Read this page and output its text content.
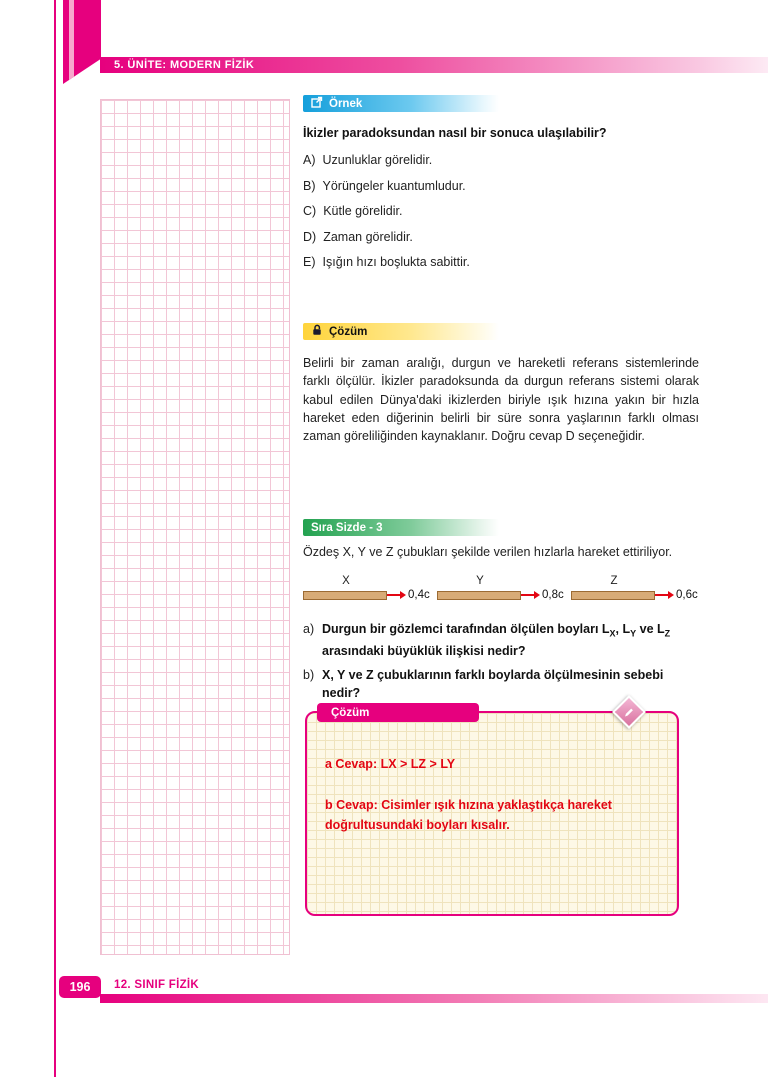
5. ÜNİTE: MODERN FİZİK
Örnek
İkizler paradoksundan nasıl bir sonuca ulaşılabilir?
A) Uzunluklar görelidir.
B) Yörüngeler kuantumludur.
C) Kütle görelidir.
D) Zaman görelidir.
E) Işığın hızı boşlukta sabittir.
Çözüm
Belirli bir zaman aralığı, durgun ve hareketli referans sistemlerinde farklı ölçülür. İkizler paradoksunda da durgun referans sistemi olarak kabul edilen Dünya'daki ikizlerden biriyle ışık hızına yakın bir hızla hareket eden diğerinin belirli bir süre sonra yaşlarının farklı olması zaman göreliliğinden kaynaklanır. Doğru cevap D seçeneğidir.
Sıra Sizde - 3
Özdeş X, Y ve Z çubukları şekilde verilen hızlarla hareket ettiriliyor.
X
0,4c
Y
0,8c
Z
0,6c
a) Durgun bir gözlemci tarafından ölçülen boyları $L_X$, $L_Y$ ve $L_Z$ arasındaki büyüklük ilişkisi nedir?
b) X, Y ve Z çubuklarının farklı boylarda ölçülmesinin sebebi nedir?
Çözüm

a Cevap: LX > LZ > LY

b Cevap: Cisimler ışık hızına yaklaştıkça hareket doğrultusundaki boyları kısalır.

196	12. SINIF FİZİK
